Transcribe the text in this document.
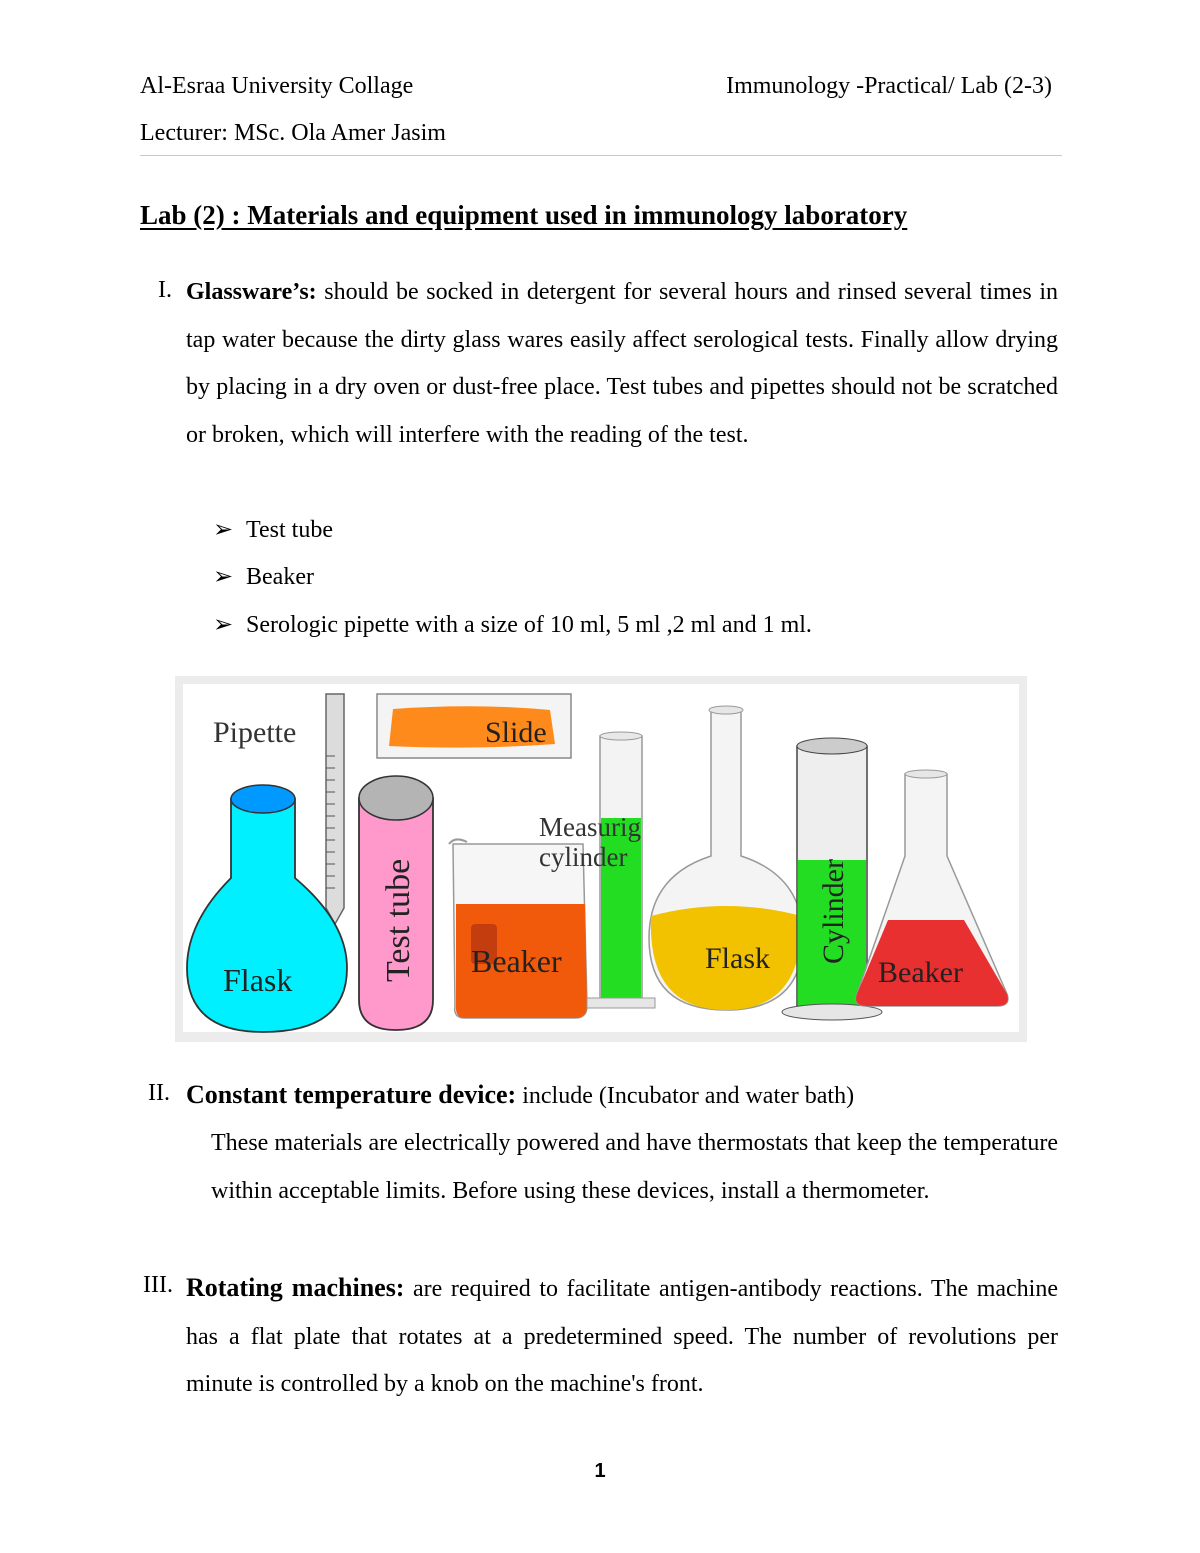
Al-Esraa University Collage	Immunology -Practical/ Lab (2-3)
Lecturer: MSc. Ola Amer Jasim
Lab (2) : Materials and equipment used in immunology laboratory
I. Glassware’s: should be socked in detergent for several hours and rinsed several times in tap water because the dirty glass wares easily affect serological tests. Finally allow drying by placing in a dry oven or dust-free place. Test tubes and pipettes should not be scratched or broken, which will interfere with the reading of the test.
➢ Test tube
➢ Beaker
➢ Serologic pipette with a size of 10 ml, 5 ml ,2 ml and 1 ml.
Pipette	Slide
Flask	Test tube Beaker
Measurig
cylinder
Flask Cylinder
Beaker
II. Constant temperature device: include (Incubator and water bath)
These materials are electrically powered and have thermostats that keep the temperature within acceptable limits. Before using these devices, install a thermometer.
III. Rotating machines: are required to facilitate antigen-antibody reactions. The machine has a flat plate that rotates at a predetermined speed. The number of revolutions per minute is controlled by a knob on the machine's front.
1
